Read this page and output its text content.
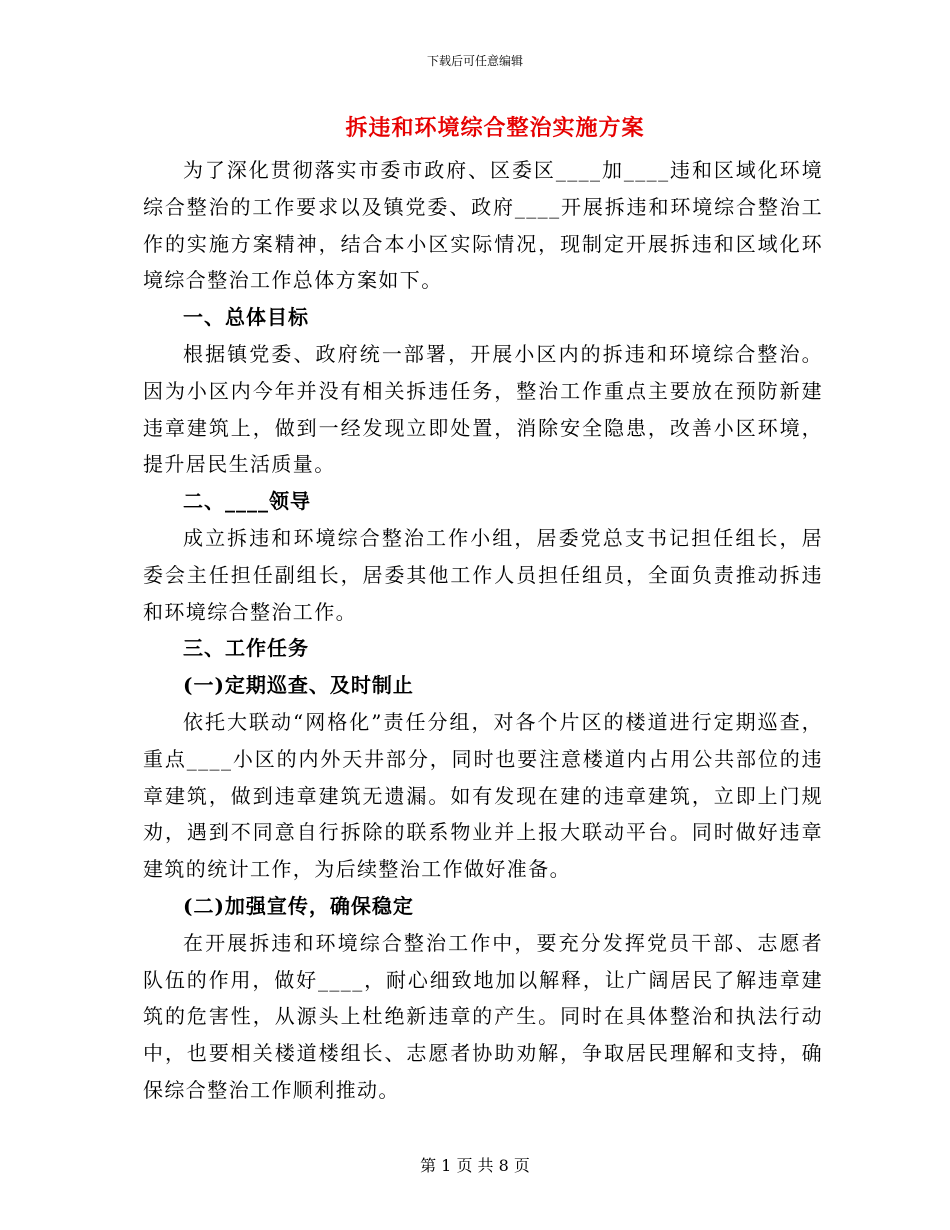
下载后可任意编辑
拆违和环境综合整治实施方案

为了深化贯彻落实市委市政府、区委区____加____违和区域化环境综合整治的工作要求以及镇党委、政府____开展拆违和环境综合整治工作的实施方案精神，结合本小区实际情况，现制定开展拆违和区域化环境综合整治工作总体方案如下。

一、总体目标

根据镇党委、政府统一部署，开展小区内的拆违和环境综合整治。因为小区内今年并没有相关拆违任务，整治工作重点主要放在预防新建违章建筑上，做到一经发现立即处置，消除安全隐患，改善小区环境，提升居民生活质量。

二、____领导

成立拆违和环境综合整治工作小组，居委党总支书记担任组长，居委会主任担任副组长，居委其他工作人员担任组员，全面负责推动拆违和环境综合整治工作。

三、工作任务
(一)定期巡查、及时制止

依托大联动“网格化”责任分组，对各个片区的楼道进行定期巡查，重点____小区的内外天井部分，同时也要注意楼道内占用公共部位的违章建筑，做到违章建筑无遗漏。如有发现在建的违章建筑，立即上门规劝，遇到不同意自行拆除的联系物业并上报大联动平台。同时做好违章建筑的统计工作，为后续整治工作做好准备。

(二)加强宣传，确保稳定

在开展拆违和环境综合整治工作中，要充分发挥党员干部、志愿者队伍的作用，做好____，耐心细致地加以解释，让广阔居民了解违章建筑的危害性，从源头上杜绝新违章的产生。同时在具体整治和执法行动中，也要相关楼道楼组长、志愿者协助劝解，争取居民理解和支持，确保综合整治工作顺利推动。

第 1 页 共 8 页
